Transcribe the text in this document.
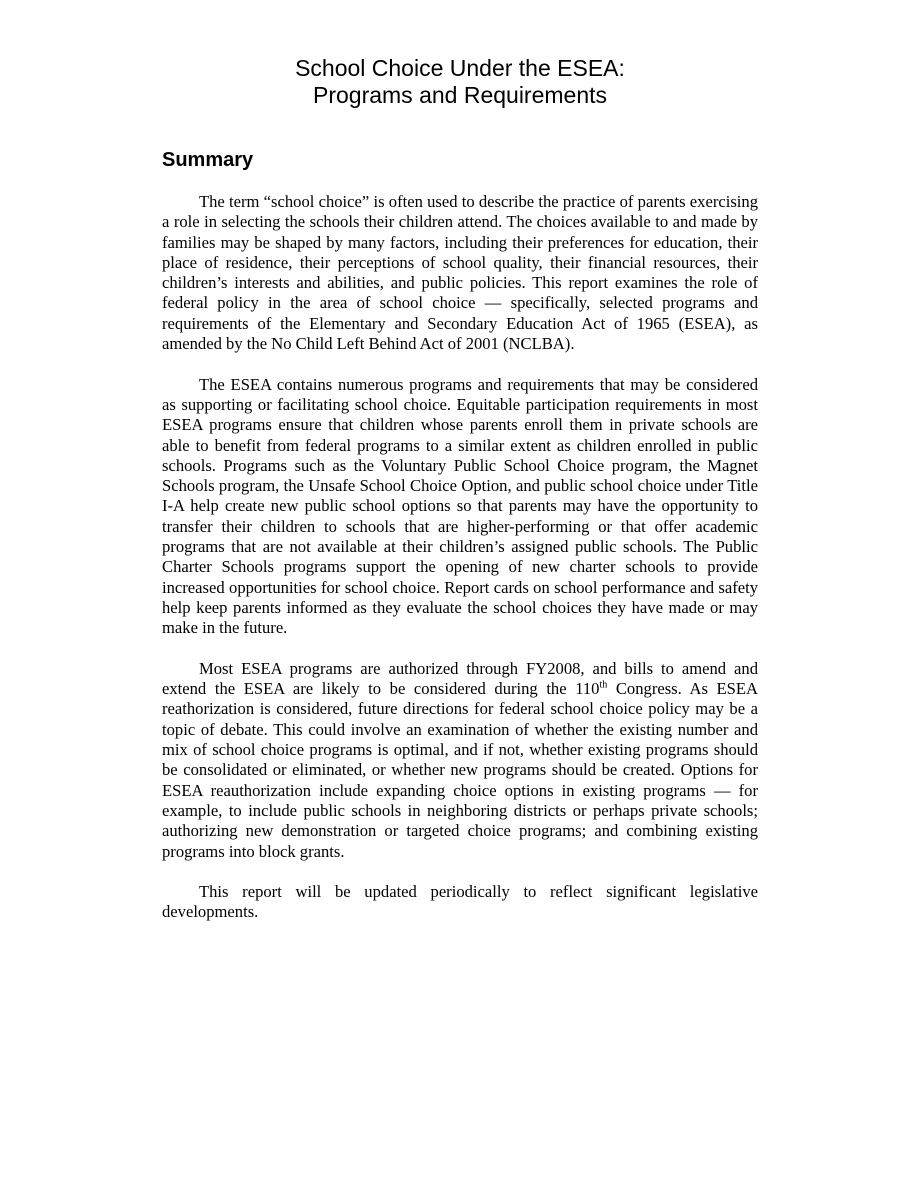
School Choice Under the ESEA:
Programs and Requirements
Summary

The term “school choice” is often used to describe the practice of parents exercising a role in selecting the schools their children attend. The choices available to and made by families may be shaped by many factors, including their preferences for education, their place of residence, their perceptions of school quality, their financial resources, their children’s interests and abilities, and public policies. This report examines the role of federal policy in the area of school choice — specifically, selected programs and requirements of the Elementary and Secondary Education Act of 1965 (ESEA), as amended by the No Child Left Behind Act of 2001 (NCLBA).

The ESEA contains numerous programs and requirements that may be considered as supporting or facilitating school choice. Equitable participation requirements in most ESEA programs ensure that children whose parents enroll them in private schools are able to benefit from federal programs to a similar extent as children enrolled in public schools. Programs such as the Voluntary Public School Choice program, the Magnet Schools program, the Unsafe School Choice Option, and public school choice under Title I-A help create new public school options so that parents may have the opportunity to transfer their children to schools that are higher-performing or that offer academic programs that are not available at their children’s assigned public schools. The Public Charter Schools programs support the opening of new charter schools to provide increased opportunities for school choice. Report cards on school performance and safety help keep parents informed as they evaluate the school choices they have made or may make in the future.

Most ESEA programs are authorized through FY2008, and bills to amend and extend the ESEA are likely to be considered during the 110th Congress. As ESEA reathorization is considered, future directions for federal school choice policy may be a topic of debate. This could involve an examination of whether the existing number and mix of school choice programs is optimal, and if not, whether existing programs should be consolidated or eliminated, or whether new programs should be created. Options for ESEA reauthorization include expanding choice options in existing programs — for example, to include public schools in neighboring districts or perhaps private schools; authorizing new demonstration or targeted choice programs; and combining existing programs into block grants.

This report will be updated periodically to reflect significant legislative developments.
